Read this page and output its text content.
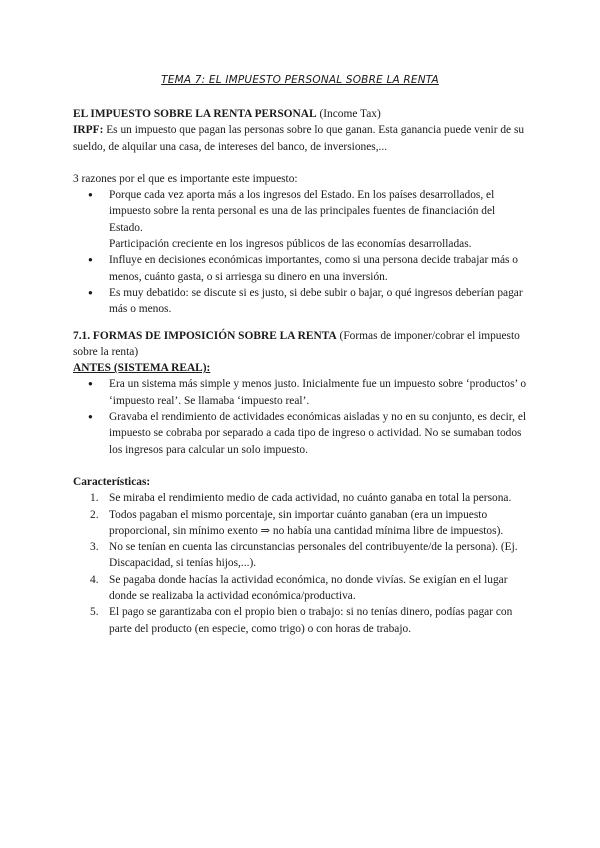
TEMA 7: EL IMPUESTO PERSONAL SOBRE LA RENTA

EL IMPUESTO SOBRE LA RENTA PERSONAL (Income Tax)

IRPF: Es un impuesto que pagan las personas sobre lo que ganan. Esta ganancia puede venir de su sueldo, de alquilar una casa, de intereses del banco, de inversiones,...

3 razones por el que es importante este impuesto:

● Porque cada vez aporta más a los ingresos del Estado. En los países desarrollados, el impuesto sobre la renta personal es una de las principales fuentes de financiación del Estado.
Participación creciente en los ingresos públicos de las economías desarrolladas.
● Influye en decisiones económicas importantes, como si una persona decide trabajar más o menos, cuánto gasta, o si arriesga su dinero en una inversión.
● Es muy debatido: se discute si es justo, si debe subir o bajar, o qué ingresos deberían pagar más o menos.

7.1. FORMAS DE IMPOSICIÓN SOBRE LA RENTA (Formas de imponer/cobrar el impuesto sobre la renta)

ANTES (SISTEMA REAL):

● Era un sistema más simple y menos justo. Inicialmente fue un impuesto sobre ‘productos’ o ‘impuesto real’. Se llamaba ‘impuesto real’.
● Gravaba el rendimiento de actividades económicas aisladas y no en su conjunto, es decir, el impuesto se cobraba por separado a cada tipo de ingreso o actividad. No se sumaban todos los ingresos para calcular un solo impuesto.

Características:

1. Se miraba el rendimiento medio de cada actividad, no cuánto ganaba en total la persona.
2. Todos pagaban el mismo porcentaje, sin importar cuánto ganaban (era un impuesto proporcional, sin mínimo exento ⇒ no había una cantidad mínima libre de impuestos).
3. No se tenían en cuenta las circunstancias personales del contribuyente/de la persona). (Ej. Discapacidad, si tenías hijos,...).
4. Se pagaba donde hacías la actividad económica, no donde vivías. Se exigían en el lugar donde se realizaba la actividad económica/productiva.
5. El pago se garantizaba con el propio bien o trabajo: si no tenías dinero, podías pagar con parte del producto (en especie, como trigo) o con horas de trabajo.
